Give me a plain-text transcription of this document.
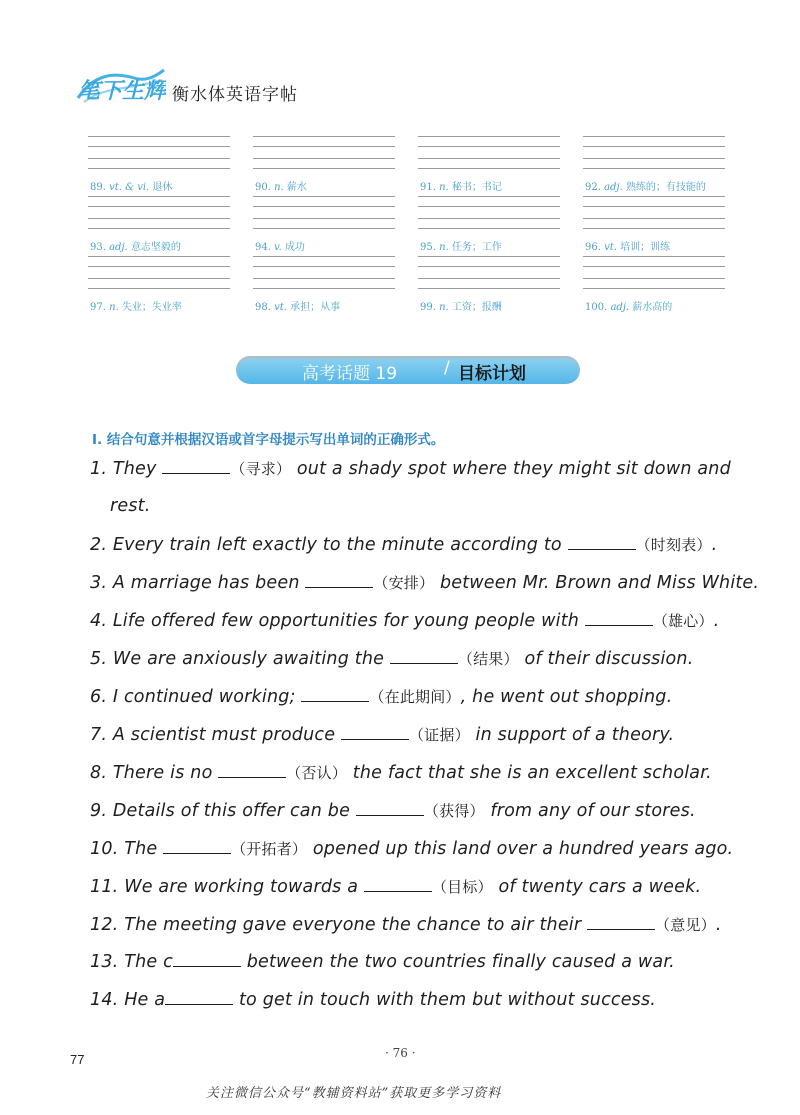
笔下生辉 衡水体英语字帖
89. vt. & vi. 退休	90. n. 薪水	91. n. 秘书；书记	92. adj. 熟练的；有技能的
93. adj. 意志坚毅的	94. v. 成功	95. n. 任务；工作	96. vt. 培训；训练
97. n. 失业；失业率	98. vt. 承担；从事	99. n. 工资；报酬	100. adj. 薪水高的
高考话题 19	/ 目标计划
I. 结合句意并根据汉语或首字母提示写出单词的正确形式。
1. They	（寻求） out a shady spot where they might sit down and
rest.
2. Every train left exactly to the minute according to	（时刻表）.
3. A marriage has been	（安排） between Mr. Brown and Miss White.
4. Life offered few opportunities for young people with	（雄心）.
5. We are anxiously awaiting the	（结果） of their discussion.
6. I continued working;	（在此期间）, he went out shopping.
7. A scientist must produce	（证据） in support of a theory.
8. There is no	（否认） the fact that she is an excellent scholar.
9. Details of this offer can be	（获得） from any of our stores.
10. The	（开拓者） opened up this land over a hundred years ago.
11. We are working towards a	（目标） of twenty cars a week.
12. The meeting gave everyone the chance to air their	（意见）.
13. The c	between the two countries finally caused a war.
14. He a	to get in touch with them but without success.
77	· 76 ·
关注微信公众号“教辅资料站”获取更多学习资料
